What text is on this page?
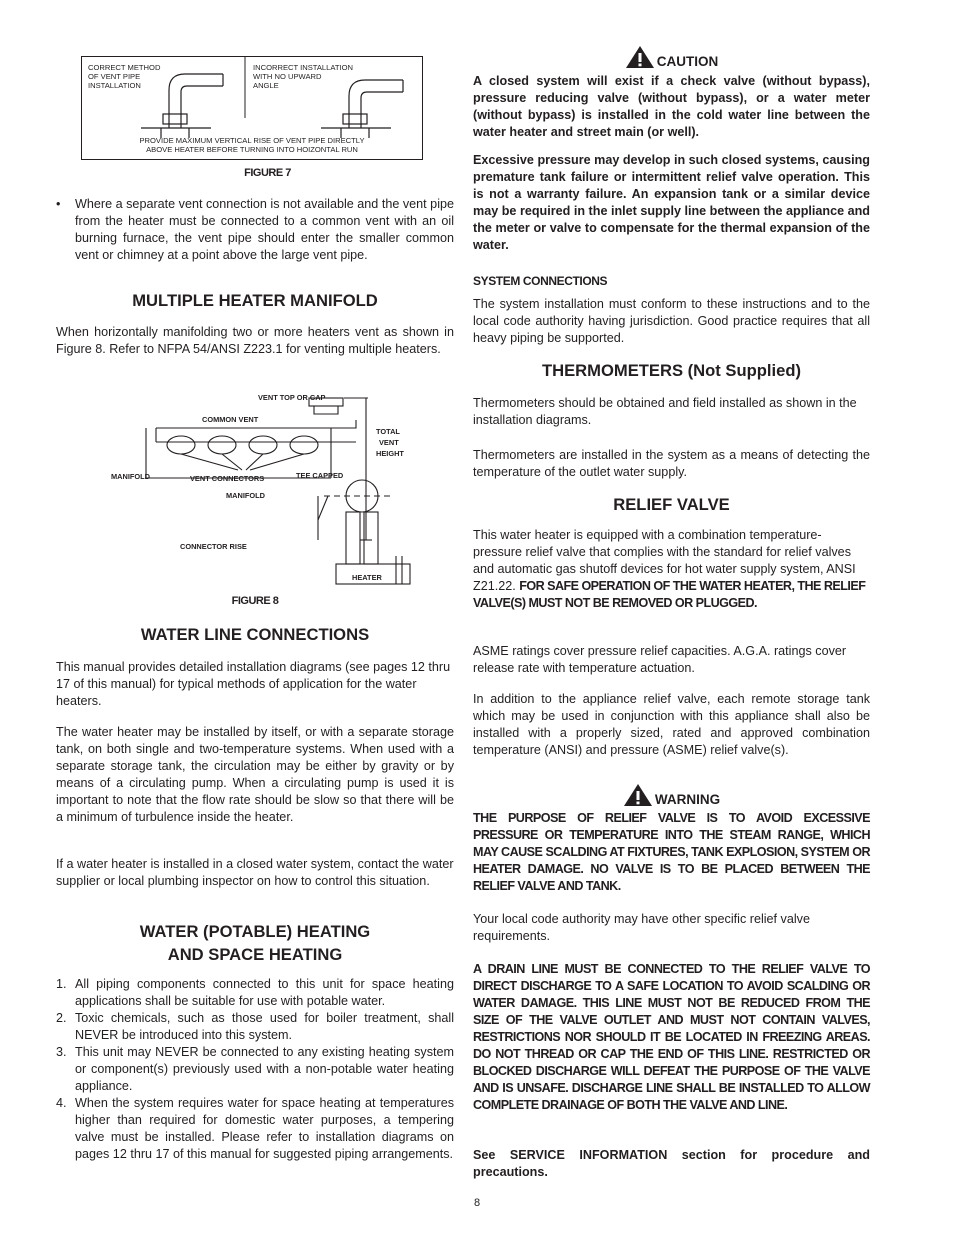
CORRECT METHOD
OF VENT PIPE
INSTALLATION
INCORRECT INSTALLATION
WITH NO UPWARD
ANGLE
PROVIDE MAXIMUM VERTICAL RISE OF VENT PIPE DIRECTLY
ABOVE HEATER BEFORE TURNING INTO HOIZONTAL RUN
FIGURE 7
• Where a separate vent connection is not available and the vent pipe from the heater must be connected to a common vent with an oil burning furnace, the vent pipe should enter the smaller common vent or chimney at a point above the large vent pipe.
MULTIPLE HEATER MANIFOLD

When horizontally manifolding two or more heaters vent as shown in Figure 8. Refer to NFPA 54/ANSI Z223.1 for venting multiple heaters.

VENT TOP OR CAP
COMMON VENT
TOTAL
VENT
HEIGHT
MANIFOLD	VENT CONNECTORS	TEE CAPPED
MANIFOLD
CONNECTOR RISE
HEATER
FIGURE 8
WATER LINE CONNECTIONS

This manual provides detailed installation diagrams (see pages 12 thru 17 of this manual) for typical methods of application for the water heaters.

The water heater may be installed by itself, or with a separate storage tank, on both single and two-temperature systems. When used with a separate storage tank, the circulation may be either by gravity or by means of a circulating pump. When a circulating pump is used it is important to note that the flow rate should be slow so that there will be a minimum of turbulence inside the heater.

If a water heater is installed in a closed water system, contact the water supplier or local plumbing inspector on how to control this situation.

WATER (POTABLE) HEATING
AND SPACE HEATING
1. All piping components connected to this unit for space heating applications shall be suitable for use with potable water.
2. Toxic chemicals, such as those used for boiler treatment, shall NEVER be introduced into this system.
3. This unit may NEVER be connected to any existing heating system or component(s) previously used with a non-potable water heating appliance.
4. When the system requires water for space heating at temperatures higher than required for domestic water purposes, a tempering valve must be installed. Please refer to installation diagrams on pages 12 thru 17 of this manual for suggested piping arrangements.
CAUTION

A closed system will exist if a check valve (without bypass), pressure reducing valve (without bypass), or a water meter (without bypass) is installed in the cold water line between the water heater and street main (or well).

Excessive pressure may develop in such closed systems, causing premature tank failure or intermittent relief valve operation. This is not a warranty failure. An expansion tank or a similar device may be required in the inlet supply line between the appliance and the meter or valve to compensate for the thermal expansion of the water.

SYSTEM CONNECTIONS

The system installation must conform to these instructions and to the local code authority having jurisdiction. Good practice requires that all heavy piping be supported.

THERMOMETERS (Not Supplied)

Thermometers should be obtained and field installed as shown in the installation diagrams.

Thermometers are installed in the system as a means of detecting the temperature of the outlet water supply.

RELIEF VALVE

This water heater is equipped with a combination temperature-pressure relief valve that complies with the standard for relief valves and automatic gas shutoff devices for hot water supply system, ANSI Z21.22. FOR SAFE OPERATION OF THE WATER HEATER, THE RELIEF VALVE(S) MUST NOT BE REMOVED OR PLUGGED.

ASME ratings cover pressure relief capacities. A.G.A. ratings cover release rate with temperature actuation.

In addition to the appliance relief valve, each remote storage tank which may be used in conjunction with this appliance shall also be installed with a properly sized, rated and approved combination temperature (ANSI) and pressure (ASME) relief valve(s).

WARNING

THE PURPOSE OF RELIEF VALVE IS TO AVOID EXCESSIVE PRESSURE OR TEMPERATURE INTO THE STEAM RANGE, WHICH MAY CAUSE SCALDING AT FIXTURES, TANK EXPLOSION, SYSTEM OR HEATER DAMAGE. NO VALVE IS TO BE PLACED BETWEEN THE RELIEF VALVE AND TANK.

Your local code authority may have other specific relief valve requirements.

A DRAIN LINE MUST BE CONNECTED TO THE RELIEF VALVE TO DIRECT DISCHARGE TO A SAFE LOCATION TO AVOID SCALDING OR WATER DAMAGE. THIS LINE MUST NOT BE REDUCED FROM THE SIZE OF THE VALVE OUTLET AND MUST NOT CONTAIN VALVES, RESTRICTIONS NOR SHOULD IT BE LOCATED IN FREEZING AREAS. DO NOT THREAD OR CAP THE END OF THIS LINE. RESTRICTED OR BLOCKED DISCHARGE WILL DEFEAT THE PURPOSE OF THE VALVE AND IS UNSAFE. DISCHARGE LINE SHALL BE INSTALLED TO ALLOW COMPLETE DRAINAGE OF BOTH THE VALVE AND LINE.

See SERVICE INFORMATION section for procedure and precautions.

8
